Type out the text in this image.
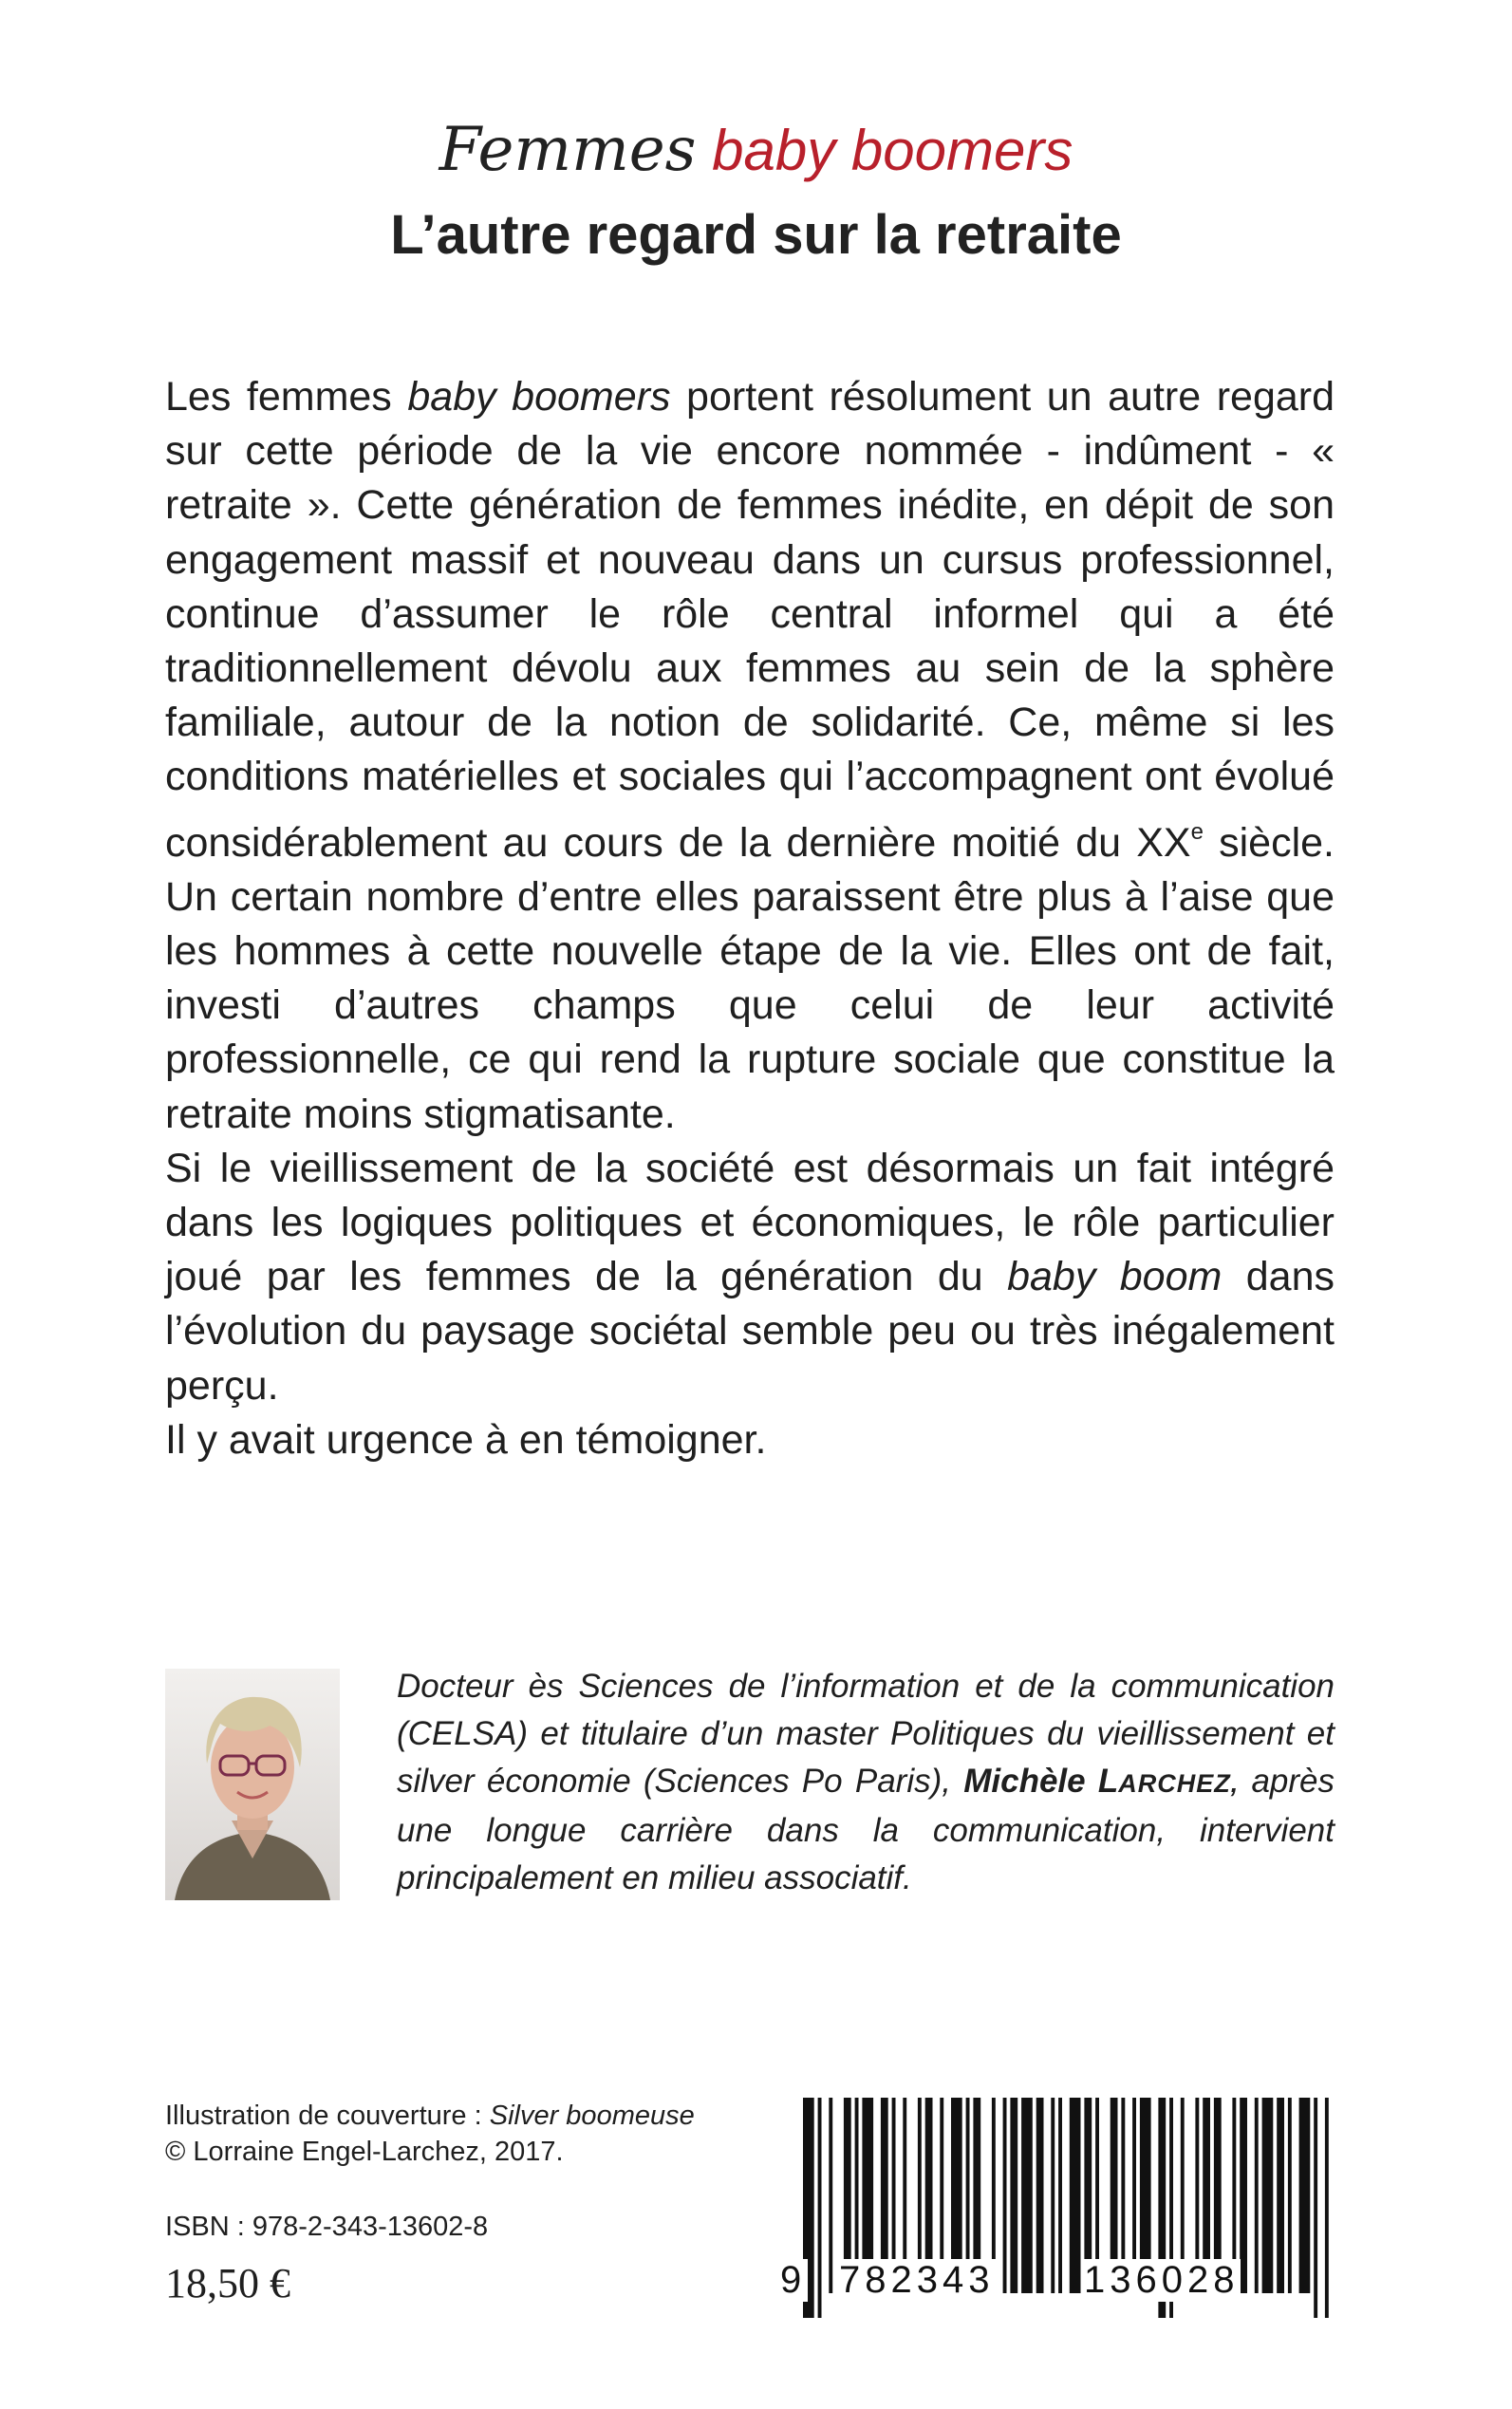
Femmes baby boomers
L’autre regard sur la retraite

Les femmes baby boomers portent résolument un autre regard sur cette période de la vie encore nommée - indûment - « retraite ». Cette génération de femmes inédite, en dépit de son engagement massif et nouveau dans un cursus professionnel, continue d’assumer le rôle central informel qui a été traditionnellement dévolu aux femmes au sein de la sphère familiale, autour de la notion de solidarité. Ce, même si les conditions matérielles et sociales qui l’accompagnent ont évolué considérablement au cours de la dernière moitié du XXe siècle. Un certain nombre d’entre elles paraissent être plus à l’aise que les hommes à cette nouvelle étape de la vie. Elles ont de fait, investi d’autres champs que celui de leur activité professionnelle, ce qui rend la rupture sociale que constitue la retraite moins stigmatisante.

Si le vieillissement de la société est désormais un fait intégré dans les logiques politiques et économiques, le rôle particulier joué par les femmes de la génération du baby boom dans l’évolution du paysage sociétal semble peu ou très inégalement perçu.

Il y avait urgence à en témoigner.

Docteur ès Sciences de l’information et de la communication (CELSA) et titulaire d’un master Politiques du vieillissement et silver économie (Sciences Po Paris), Michèle LARCHEZ, après une longue carrière dans la communication, intervient principalement en milieu associatif.
Illustration de couverture : Silver boomeuse
© Lorraine Engel-Larchez, 2017.
ISBN : 978-2-343-13602-8
18,50 €	9 782343 136028
